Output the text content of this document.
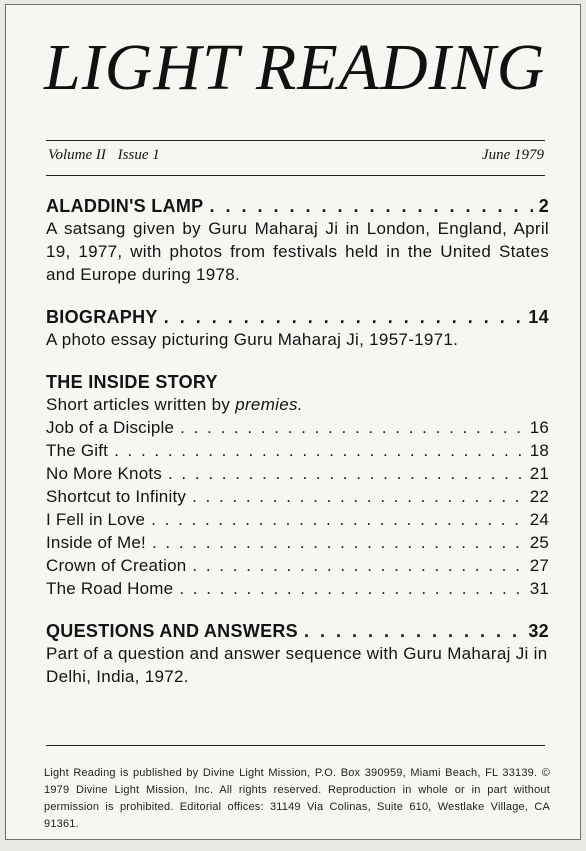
LIGHT READING
Volume II Issue 1	June 1979
ALADDIN'S LAMP . . .	2
A satsang given by Guru Maharaj Ji in London, England, April 19, 1977, with photos from festivals held in the United States and Europe during 1978.
BIOGRAPHY . . .	14
A photo essay picturing Guru Maharaj Ji, 1957-1971.
THE INSIDE STORY
Short articles written by premies.
Job of a Disciple . . .	16
The Gift . . .	18
No More Knots . . .	21
Shortcut to Infinity . . .	22
I Fell in Love . . .	24
Inside of Me! . . .	25
Crown of Creation . . .	27
The Road Home . . .	31
QUESTIONS AND ANSWERS . . .	32
Part of a question and answer sequence with Guru Maharaj Ji in Delhi, India, 1972.
Light Reading is published by Divine Light Mission, P.O. Box 390959, Miami Beach, FL 33139. © 1979 Divine Light Mission, Inc. All rights reserved. Reproduction in whole or in part without permission is prohibited. Editorial offices: 31149 Via Colinas, Suite 610, Westlake Village, CA 91361.
